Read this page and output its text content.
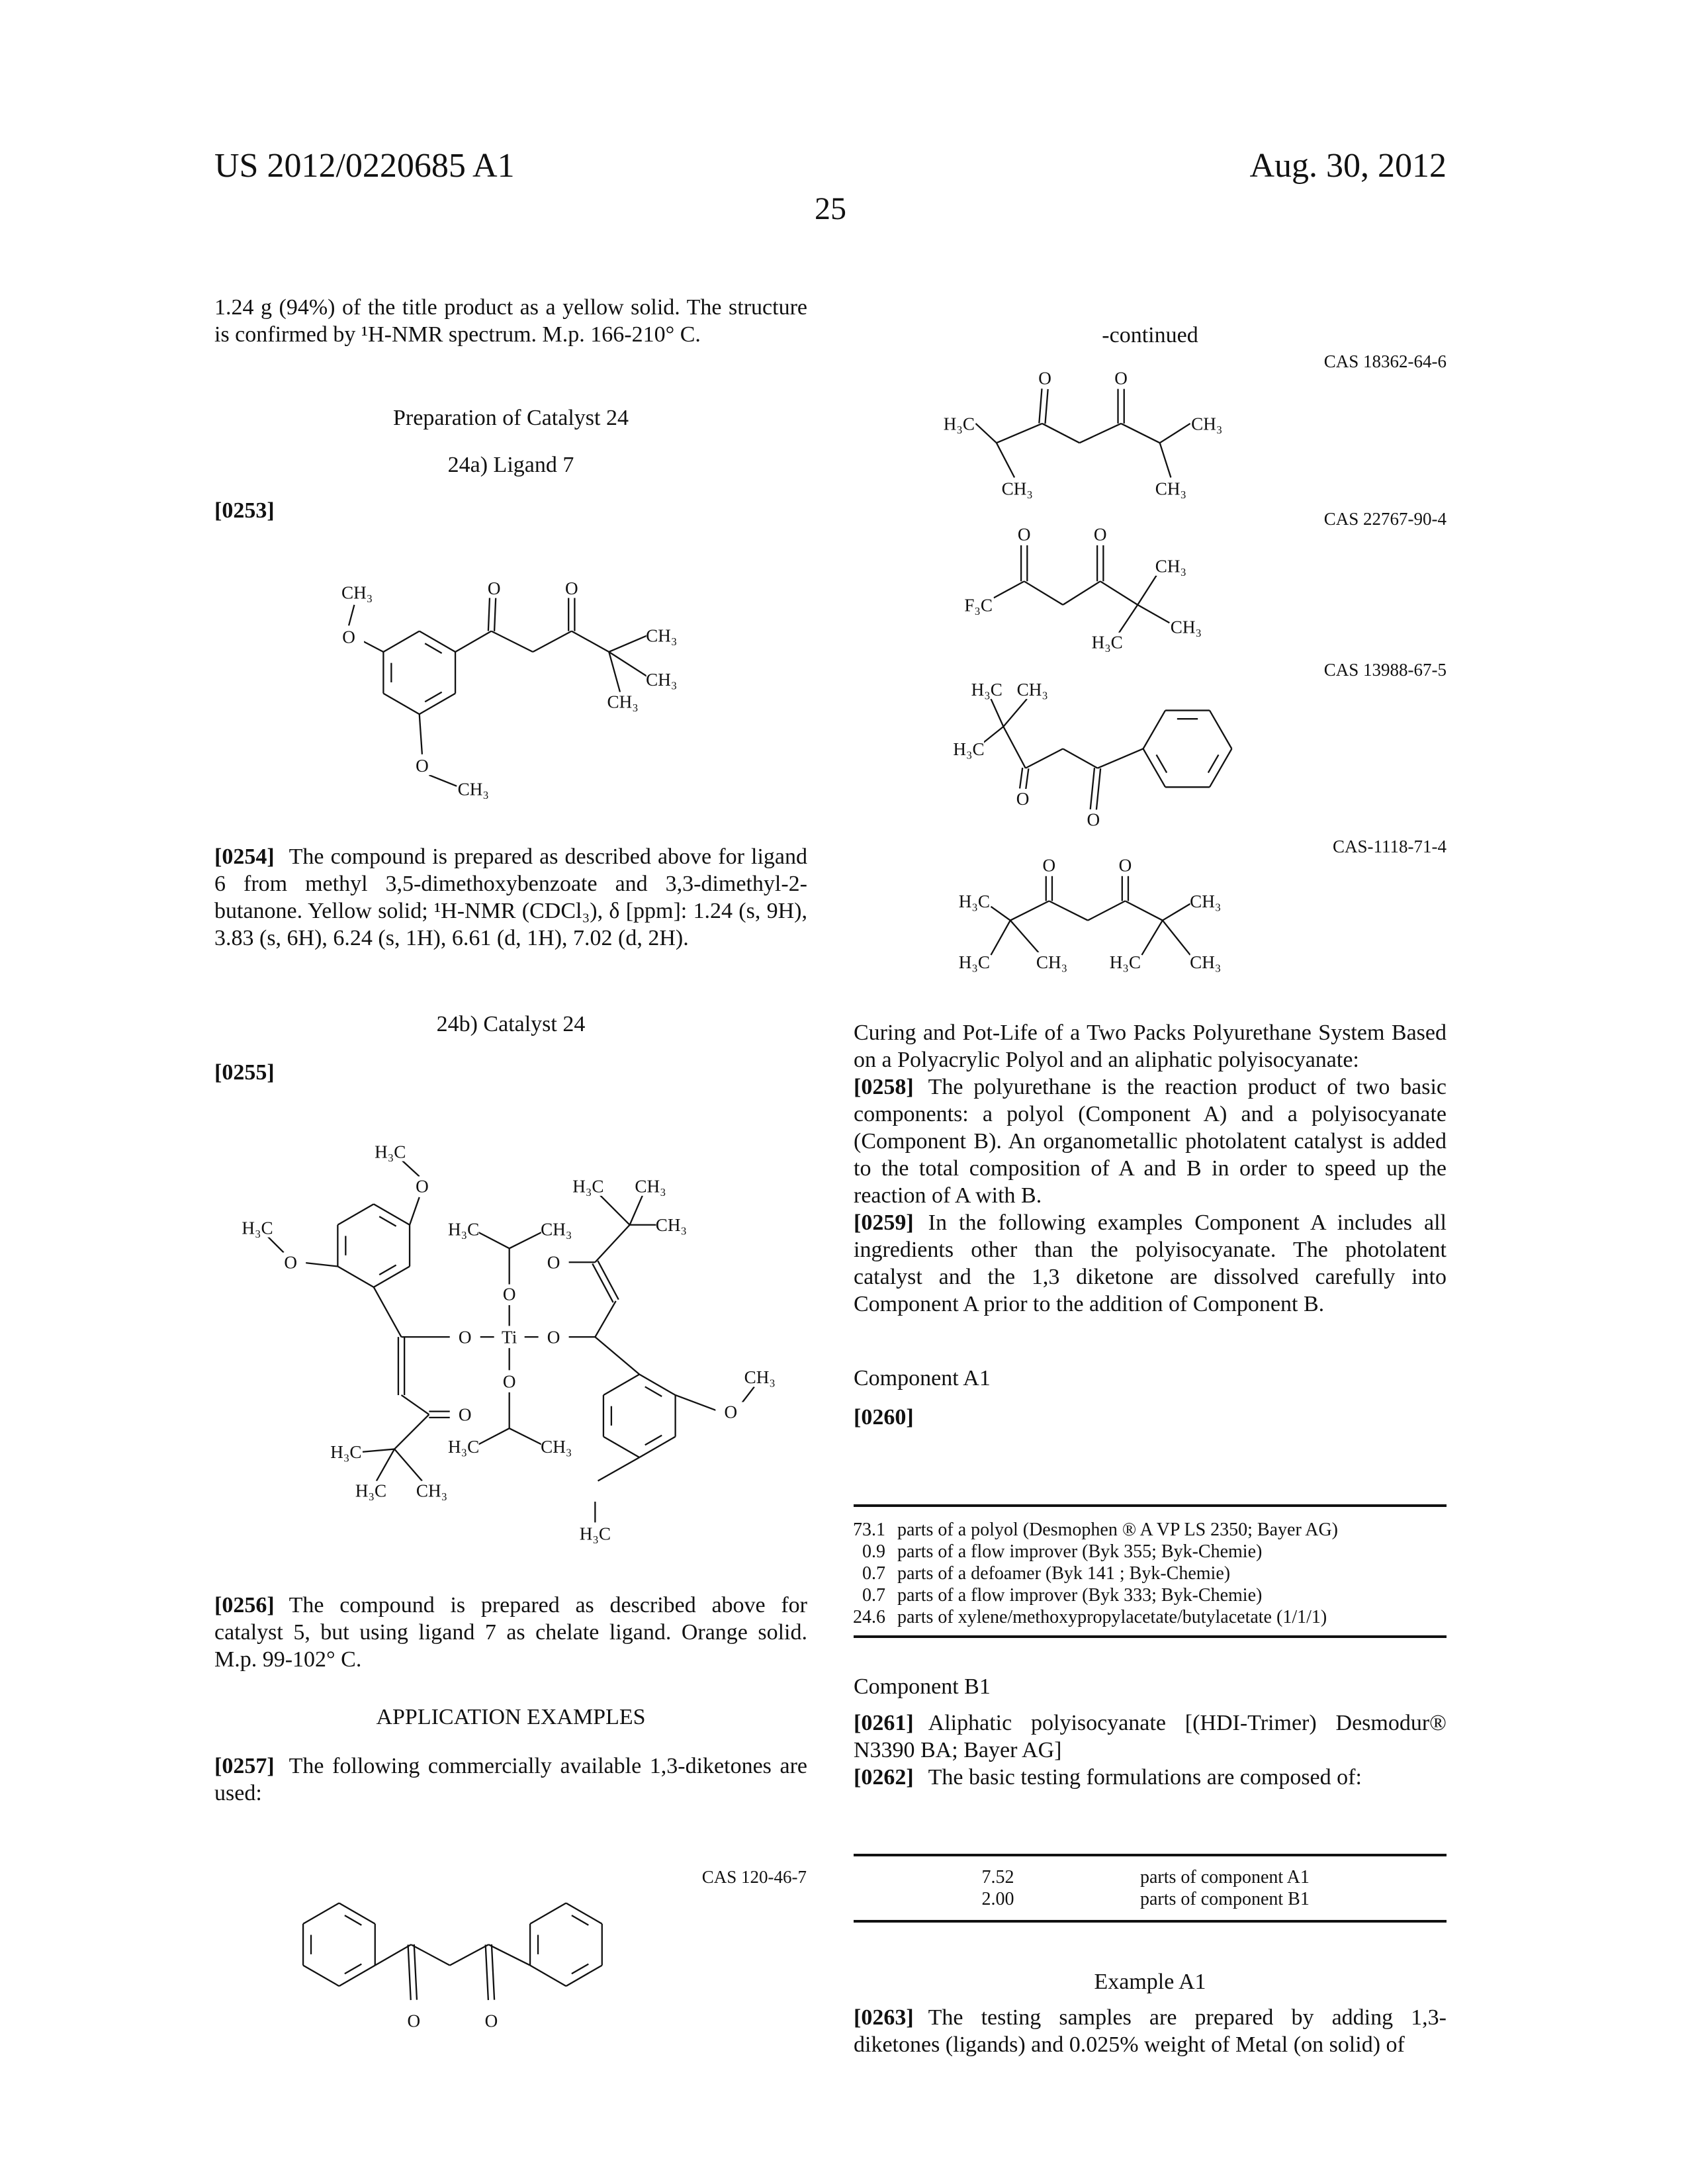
US 2012/0220685 A1	Aug. 30, 2012
25
1.24 g (94%) of the title product as a yellow solid. The structure is confirmed by ¹H-NMR spectrum. M.p. 166-210° C.
Preparation of Catalyst 24
24a) Ligand 7
[0253]
[0254] The compound is prepared as described above for ligand 6 from methyl 3,5-dimethoxybenzoate and 3,3-dimethyl-2-butanone. Yellow solid; ¹H-NMR (CDCl₃), δ [ppm]: 1.24 (s, 9H), 3.83 (s, 6H), 6.24 (s, 1H), 6.61 (d, 1H), 7.02 (d, 2H).
24b) Catalyst 24
[0255]
[0256] The compound is prepared as described above for catalyst 5, but using ligand 7 as chelate ligand. Orange solid. M.p. 99-102° C.
APPLICATION EXAMPLES
[0257] The following commercially available 1,3-diketones are used:
CAS 120-46-7
-continued
CAS 18362-64-6
CAS 22767-90-4
CAS 13988-67-5
CAS-1118-71-4
Curing and Pot-Life of a Two Packs Polyurethane System Based on a Polyacrylic Polyol and an aliphatic polyisocyanate:
[0258] The polyurethane is the reaction product of two basic components: a polyol (Component A) and a polyisocyanate (Component B). An organometallic photolatent catalyst is added to the total composition of A and B in order to speed up the reaction of A with B.
[0259] In the following examples Component A includes all ingredients other than the polyisocyanate. The photolatent catalyst and the 1,3 diketone are dissolved carefully into Component A prior to the addition of Component B.
Component A1
[0260]
73.1 parts of a polyol (Desmophen ® A VP LS 2350; Bayer AG)
0.9 parts of a flow improver (Byk 355; Byk-Chemie)
0.7 parts of a defoamer (Byk 141 ; Byk-Chemie)
0.7 parts of a flow improver (Byk 333; Byk-Chemie)
24.6 parts of xylene/methoxypropylacetate/butylacetate (1/1/1)
Component B1
[0261] Aliphatic polyisocyanate [(HDI-Trimer) Desmodur® N3390 BA; Bayer AG]
[0262] The basic testing formulations are composed of:
7.52	parts of component A1
2.00	parts of component B1
Example A1
[0263] The testing samples are prepared by adding 1,3-diketones (ligands) and 0.025% weight of Metal (on solid) of
CH₃
O
O	O
CH₃
CH₃
CH₃
O
CH₃
H₃C
O
H₃C
O
O	Ti	O
H₃C	CH₃
O
H₃C	CH₃
O
H₃C
H₃C	CH₃
H₃C	CH₃
CH₃
O
CH₃
O
H₃C
O
O	O
O	O
H₃C	CH₃
CH₃	CH₃
O	O
F₃C
CH₃
CH₃
H₃C
H₃C CH₃
H₃C
O
O
O	O
H₃C	CH₃
H₃C	CH₃	CH₃
H₃C
